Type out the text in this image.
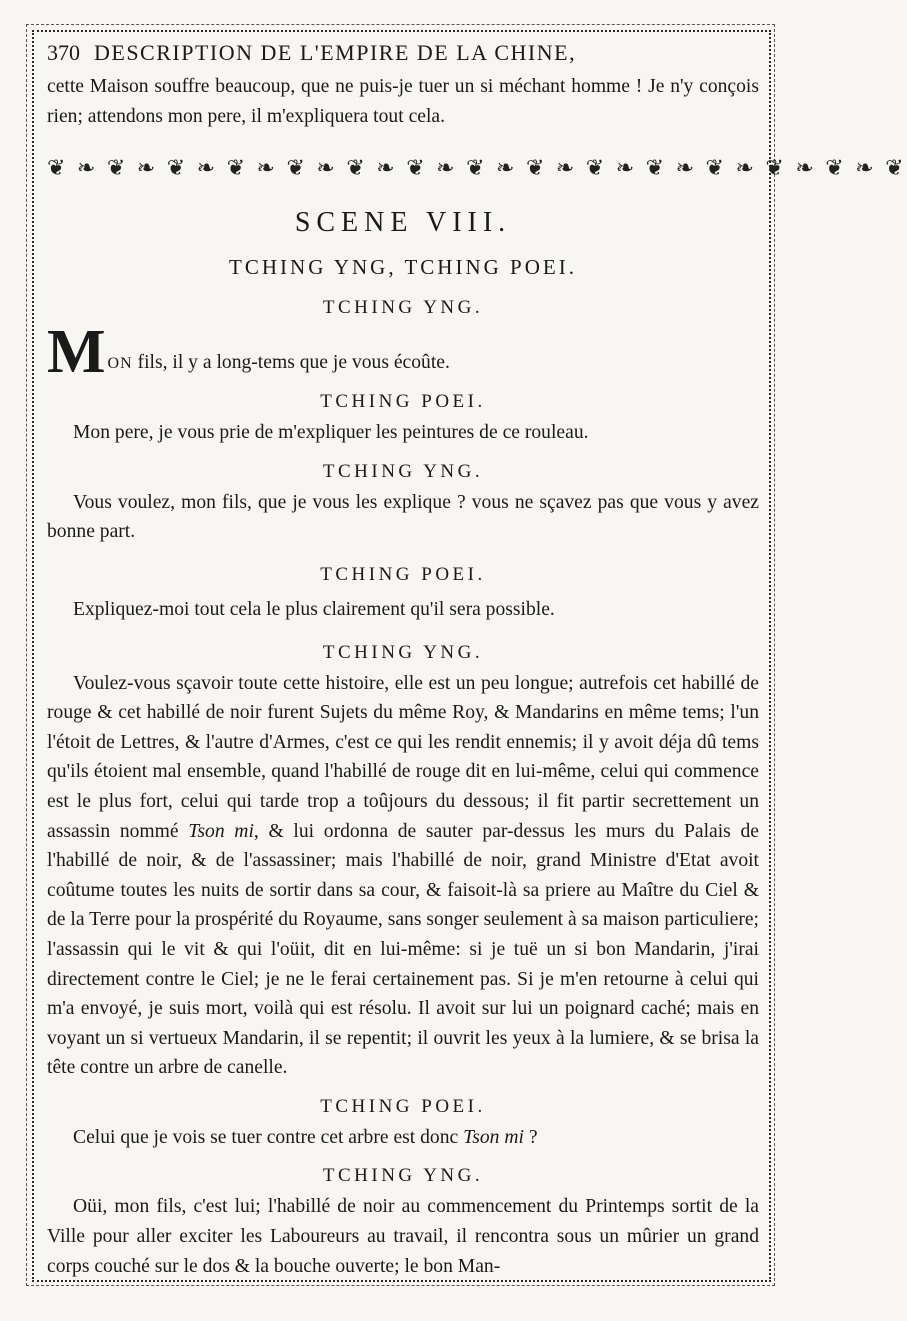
370 DESCRIPTION DE L'EMPIRE DE LA CHINE,

cette Maison souffre beaucoup, que ne puis-je tuer un si méchant homme ! Je n'y conçois rien; attendons mon pere, il m'expliquera tout cela.

❦ ❧ ❦ ❧ ❦ ❧ ❦ ❧ ❦ ❧ ❦ ❧ ❦ ❧ ❦ ❧ ❦ ❧ ❦ ❧ ❦ ❧ ❦ ❧ ❦ ❧ ❦ ❧ ❦
SCENE VIII.
TCHING YNG, TCHING POEI.
TCHING YNG.
M ON fils, il y a long-tems que je vous écoûte.
TCHING POEI.

Mon pere, je vous prie de m'expliquer les peintures de ce rouleau.

TCHING YNG.

Vous voulez, mon fils, que je vous les explique ? vous ne sçavez pas que vous y avez bonne part.

TCHING POEI.

Expliquez-moi tout cela le plus clairement qu'il sera possible.

TCHING YNG.

Voulez-vous sçavoir toute cette histoire, elle est un peu longue; autrefois cet habillé de rouge & cet habillé de noir furent Sujets du même Roy, & Mandarins en même tems; l'un l'étoit de Lettres, & l'autre d'Armes, c'est ce qui les rendit ennemis; il y avoit déja dû tems qu'ils étoient mal ensemble, quand l'habillé de rouge dit en lui-même, celui qui commence est le plus fort, celui qui tarde trop a toûjours du dessous; il fit partir secrettement un assassin nommé Tson mi, & lui ordonna de sauter par-dessus les murs du Palais de l'habillé de noir, & de l'assassiner; mais l'habillé de noir, grand Ministre d'Etat avoit coûtume toutes les nuits de sortir dans sa cour, & faisoit-là sa priere au Maître du Ciel & de la Terre pour la prospérité du Royaume, sans songer seulement à sa maison particuliere; l'assassin qui le vit & qui l'oüit, dit en lui-même: si je tuë un si bon Mandarin, j'irai directement contre le Ciel; je ne le ferai certainement pas. Si je m'en retourne à celui qui m'a envoyé, je suis mort, voilà qui est résolu. Il avoit sur lui un poignard caché; mais en voyant un si vertueux Mandarin, il se repentit; il ouvrit les yeux à la lumiere, & se brisa la tête contre un arbre de canelle.

TCHING POEI.

Celui que je vois se tuer contre cet arbre est donc Tson mi ?

TCHING YNG.

Oüi, mon fils, c'est lui; l'habillé de noir au commencement du Printemps sortit de la Ville pour aller exciter les Laboureurs au travail, il rencontra sous un mûrier un grand corps couché sur le dos & la bouche ouverte; le bon Man-
